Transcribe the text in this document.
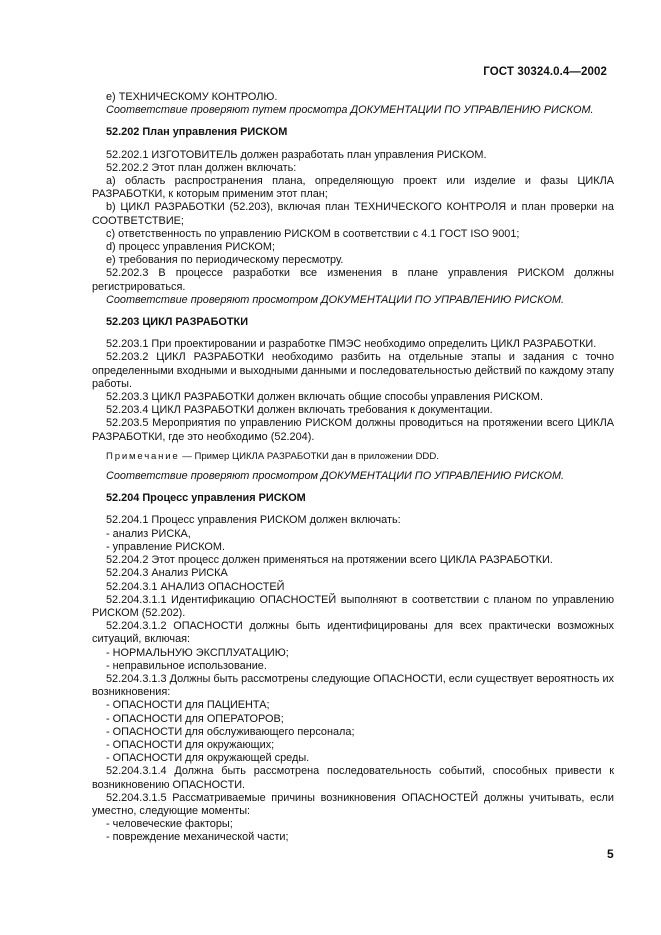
ГОСТ 30324.0.4—2002

е) ТЕХНИЧЕСКОМУ КОНТРОЛЮ.

Соответствие проверяют путем просмотра ДОКУМЕНТАЦИИ ПО УПРАВЛЕНИЮ РИСКОМ.

52.202 План управления РИСКОМ

52.202.1 ИЗГОТОВИТЕЛЬ должен разработать план управления РИСКОМ.

52.202.2 Этот план должен включать:

а) область распространения плана, определяющую проект или изделие и фазы ЦИКЛА РАЗРАБОТКИ, к которым применим этот план;

b) ЦИКЛ РАЗРАБОТКИ (52.203), включая план ТЕХНИЧЕСКОГО КОНТРОЛЯ и план проверки на СООТВЕТСТВИЕ;

с) ответственность по управлению РИСКОМ в соответствии с 4.1 ГОСТ ISO 9001;

d) процесс управления РИСКОМ;

е) требования по периодическому пересмотру.

52.202.3 В процессе разработки все изменения в плане управления РИСКОМ должны регистрироваться.

Соответствие проверяют просмотром ДОКУМЕНТАЦИИ ПО УПРАВЛЕНИЮ РИСКОМ.

52.203 ЦИКЛ РАЗРАБОТКИ

52.203.1 При проектировании и разработке ПМЭС необходимо определить ЦИКЛ РАЗРАБОТКИ.

52.203.2 ЦИКЛ РАЗРАБОТКИ необходимо разбить на отдельные этапы и задания с точно определенными входными и выходными данными и последовательностью действий по каждому этапу работы.

52.203.3 ЦИКЛ РАЗРАБОТКИ должен включать общие способы управления РИСКОМ.

52.203.4 ЦИКЛ РАЗРАБОТКИ должен включать требования к документации.

52.203.5 Мероприятия по управлению РИСКОМ должны проводиться на протяжении всего ЦИКЛА РАЗРАБОТКИ, где это необходимо (52.204).

Примечание — Пример ЦИКЛА РАЗРАБОТКИ дан в приложении DDD.

Соответствие проверяют просмотром ДОКУМЕНТАЦИИ ПО УПРАВЛЕНИЮ РИСКОМ.

52.204 Процесс управления РИСКОМ

52.204.1 Процесс управления РИСКОМ должен включать:

- анализ РИСКА,

- управление РИСКОМ.

52.204.2 Этот процесс должен применяться на протяжении всего ЦИКЛА РАЗРАБОТКИ.

52.204.3 Анализ РИСКА

52.204.3.1 АНАЛИЗ ОПАСНОСТЕЙ

52.204.3.1.1 Идентификацию ОПАСНОСТЕЙ выполняют в соответствии с планом по управлению РИСКОМ (52.202).

52.204.3.1.2 ОПАСНОСТИ должны быть идентифицированы для всех практически возможных ситуаций, включая:

- НОРМАЛЬНУЮ ЭКСПЛУАТАЦИЮ;

- неправильное использование.

52.204.3.1.3 Должны быть рассмотрены следующие ОПАСНОСТИ, если существует вероятность их возникновения:

- ОПАСНОСТИ для ПАЦИЕНТА;

- ОПАСНОСТИ для ОПЕРАТОРОВ;

- ОПАСНОСТИ для обслуживающего персонала;

- ОПАСНОСТИ для окружающих;

- ОПАСНОСТИ для окружающей среды.

52.204.3.1.4 Должна быть рассмотрена последовательность событий, способных привести к возникновению ОПАСНОСТИ.

52.204.3.1.5 Рассматриваемые причины возникновения ОПАСНОСТЕЙ должны учитывать, если уместно, следующие моменты:

- человеческие факторы;

- повреждение механической части;

5
